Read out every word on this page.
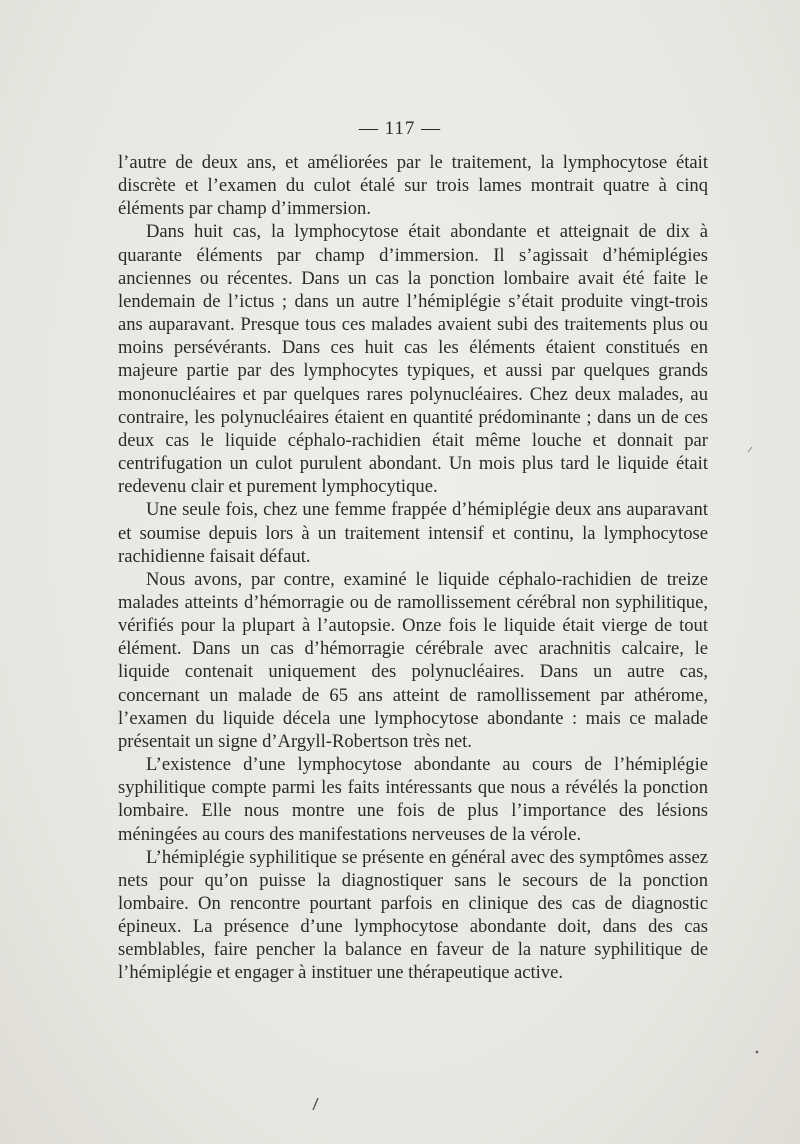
— 117 —

l’autre de deux ans, et améliorées par le traitement, la lymphocytose était discrète et l’examen du culot étalé sur trois lames montrait quatre à cinq éléments par champ d’immersion.

Dans huit cas, la lymphocytose était abondante et atteignait de dix à quarante éléments par champ d’immersion. Il s’agissait d’hémiplégies anciennes ou récentes. Dans un cas la ponction lombaire avait été faite le lendemain de l’ictus ; dans un autre l’hémiplégie s’était produite vingt-trois ans auparavant. Presque tous ces malades avaient subi des traitements plus ou moins persévérants. Dans ces huit cas les éléments étaient constitués en majeure partie par des lymphocytes typiques, et aussi par quelques grands mononucléaires et par quelques rares polynucléaires. Chez deux malades, au contraire, les polynucléaires étaient en quantité prédominante ; dans un de ces deux cas le liquide céphalo-rachidien était même louche et donnait par centrifugation un culot purulent abondant. Un mois plus tard le liquide était redevenu clair et purement lymphocytique.

Une seule fois, chez une femme frappée d’hémiplégie deux ans auparavant et soumise depuis lors à un traitement intensif et continu, la lymphocytose rachidienne faisait défaut.

Nous avons, par contre, examiné le liquide céphalo-rachidien de treize malades atteints d’hémorragie ou de ramollissement cérébral non syphilitique, vérifiés pour la plupart à l’autopsie. Onze fois le liquide était vierge de tout élément. Dans un cas d’hémorragie cérébrale avec arachnitis calcaire, le liquide contenait uniquement des polynucléaires. Dans un autre cas, concernant un malade de 65 ans atteint de ramollissement par athérome, l’examen du liquide décela une lymphocytose abondante : mais ce malade présentait un signe d’Argyll-Robertson très net.

L’existence d’une lymphocytose abondante au cours de l’hémiplégie syphilitique compte parmi les faits intéressants que nous a révélés la ponction lombaire. Elle nous montre une fois de plus l’importance des lésions méningées au cours des manifestations nerveuses de la vérole.

L’hémiplégie syphilitique se présente en général avec des symptômes assez nets pour qu’on puisse la diagnostiquer sans le secours de la ponction lombaire. On rencontre pourtant parfois en clinique des cas de diagnostic épineux. La présence d’une lymphocytose abondante doit, dans des cas semblables, faire pencher la balance en faveur de la nature syphilitique de l’hémiplégie et engager à instituer une thérapeutique active.
